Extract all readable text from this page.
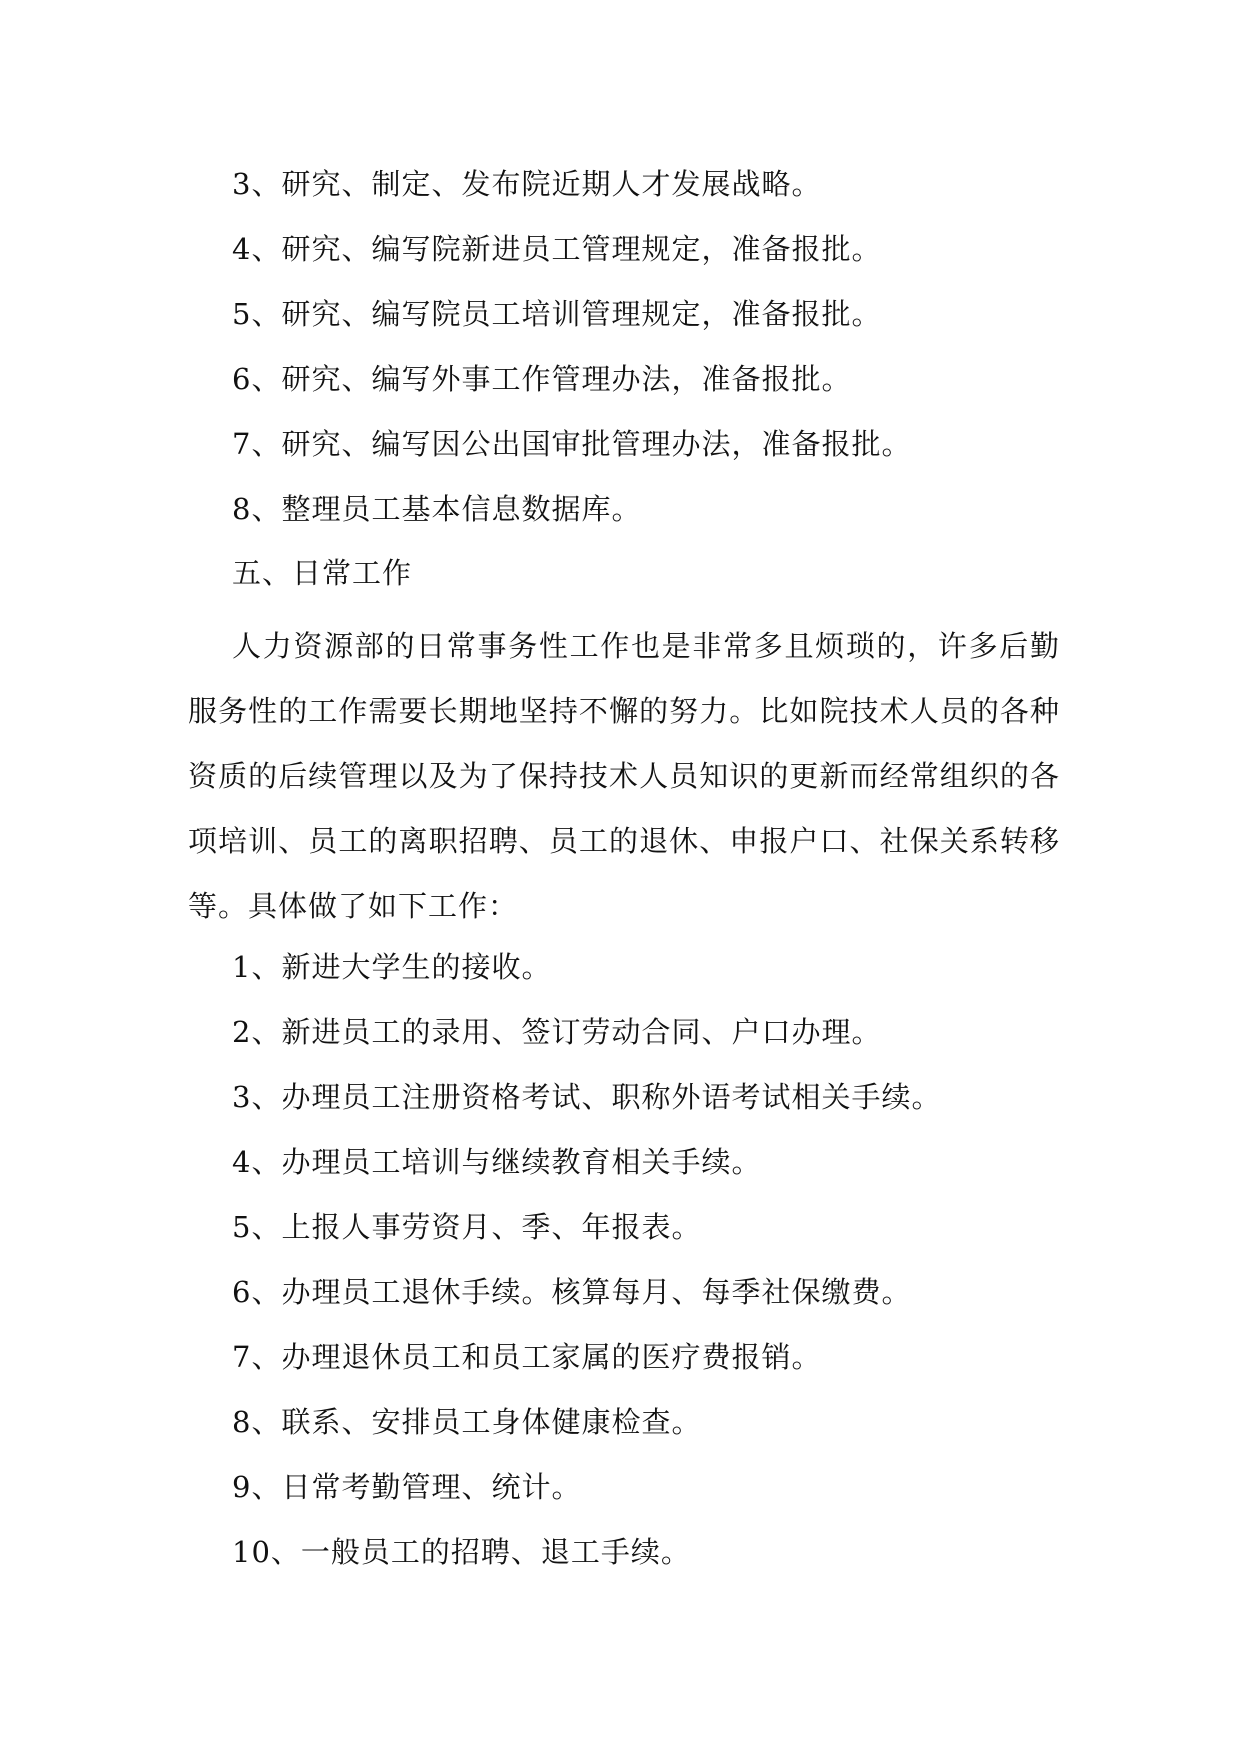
3、研究、制定、发布院近期人才发展战略。
4、研究、编写院新进员工管理规定，准备报批。
5、研究、编写院员工培训管理规定，准备报批。
6、研究、编写外事工作管理办法，准备报批。
7、研究、编写因公出国审批管理办法，准备报批。
8、整理员工基本信息数据库。
五、日常工作
人力资源部的日常事务性工作也是非常多且烦琐的，许多后勤服务性的工作需要长期地坚持不懈的努力。比如院技术人员的各种资质的后续管理以及为了保持技术人员知识的更新而经常组织的各项培训、员工的离职招聘、员工的退休、申报户口、社保关系转移等。具体做了如下工作：
1、新进大学生的接收。
2、新进员工的录用、签订劳动合同、户口办理。
3、办理员工注册资格考试、职称外语考试相关手续。
4、办理员工培训与继续教育相关手续。
5、上报人事劳资月、季、年报表。
6、办理员工退休手续。核算每月、每季社保缴费。
7、办理退休员工和员工家属的医疗费报销。
8、联系、安排员工身体健康检查。
9、日常考勤管理、统计。
10、一般员工的招聘、退工手续。
